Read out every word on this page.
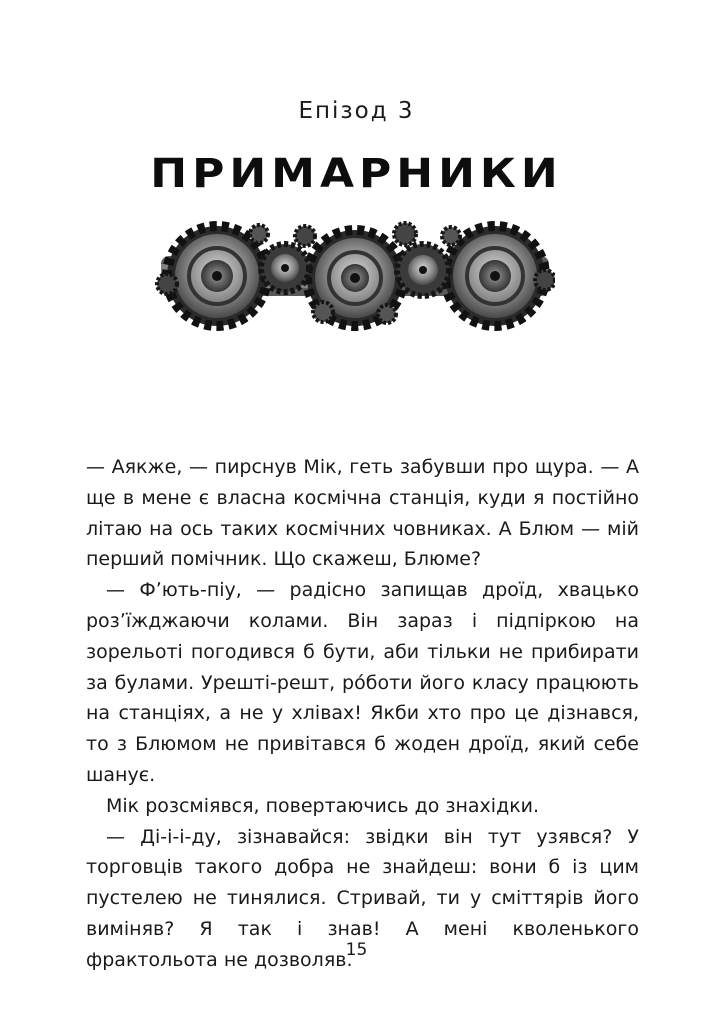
Епізод 3
ПРИМАРНИКИ

— Аякже, — пирснув Мік, геть забувши про щура. — А ще в мене є власна космічна станція, куди я постійно літаю на ось таких космічних човниках. А Блюм — мій перший помічник. Що скажеш, Блюме?

— Фʼють-піу, — радісно запищав дроїд, хвацько розʼїжджаючи колами. Він зараз і підпіркою на зорельоті погодився б бути, аби тільки не прибирати за булами. Урешті-решт, рóботи його класу працюють на станціях, а не у хлівах! Якби хто про це дізнався, то з Блюмом не привітався б жоден дроїд, який себе шанує.

Мік розсміявся, повертаючись до знахідки.

— Ді-і-і-ду, зізнавайся: звідки він тут узявся? У торговців такого добра не знайдеш: вони б із цим пустелею не тинялися. Стривай, ти у сміттярів його виміняв? Я так і знав! А мені кволенького фрактольота не дозволяв.

15
